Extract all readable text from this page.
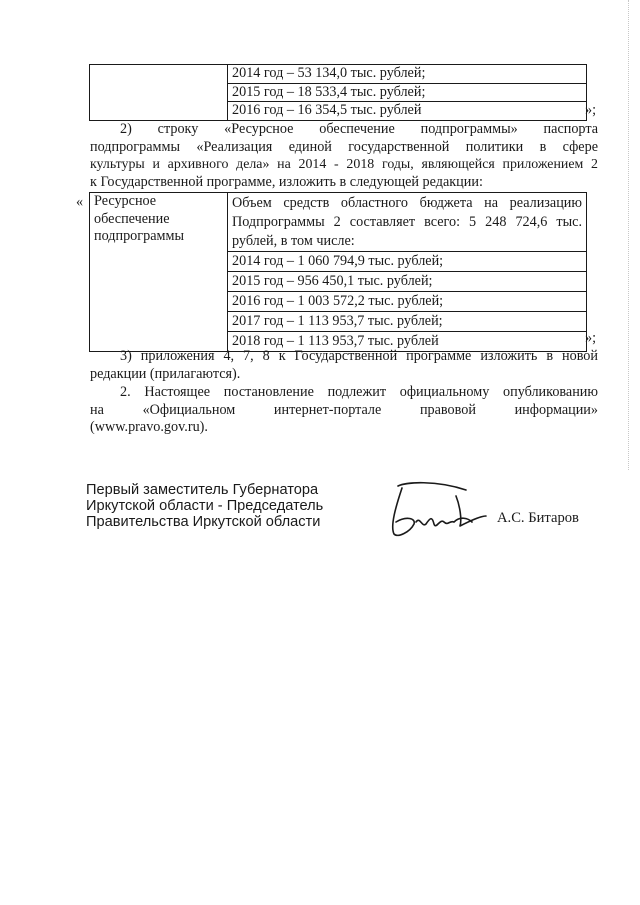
2014 год – 53 134,0 тыс. рублей;
2015 год – 18 533,4 тыс. рублей;
2016 год – 16 354,5 тыс. рублей	»;
2) строку «Ресурсное обеспечение подпрограммы» паспорта
подпрограммы «Реализация единой государственной политики в сфере
культуры и архивного дела» на 2014 - 2018 годы, являющейся приложением 2
к Государственной программе, изложить в следующей редакции:
« Ресурсное
обеспечение
подпрограммы

Объем средств областного бюджета на реализацию
Подпрограммы 2 составляет всего: 5 248 724,6 тыс.
рублей, в том числе:
2014 год – 1 060 794,9 тыс. рублей;
2015 год – 956 450,1 тыс. рублей;
2016 год – 1 003 572,2 тыс. рублей;
2017 год – 1 113 953,7 тыс. рублей;
2018 год – 1 113 953,7 тыс. рублей	»;
3) приложения 4, 7, 8 к Государственной программе изложить в новой
редакции (прилагаются).
2. Настоящее постановление подлежит официальному опубликованию
на «Официальном интернет-портале правовой информации»
(www.pravo.gov.ru).
Первый заместитель Губернатора
Иркутской области - Председатель
Правительства Иркутской области	А.С. Битаров
